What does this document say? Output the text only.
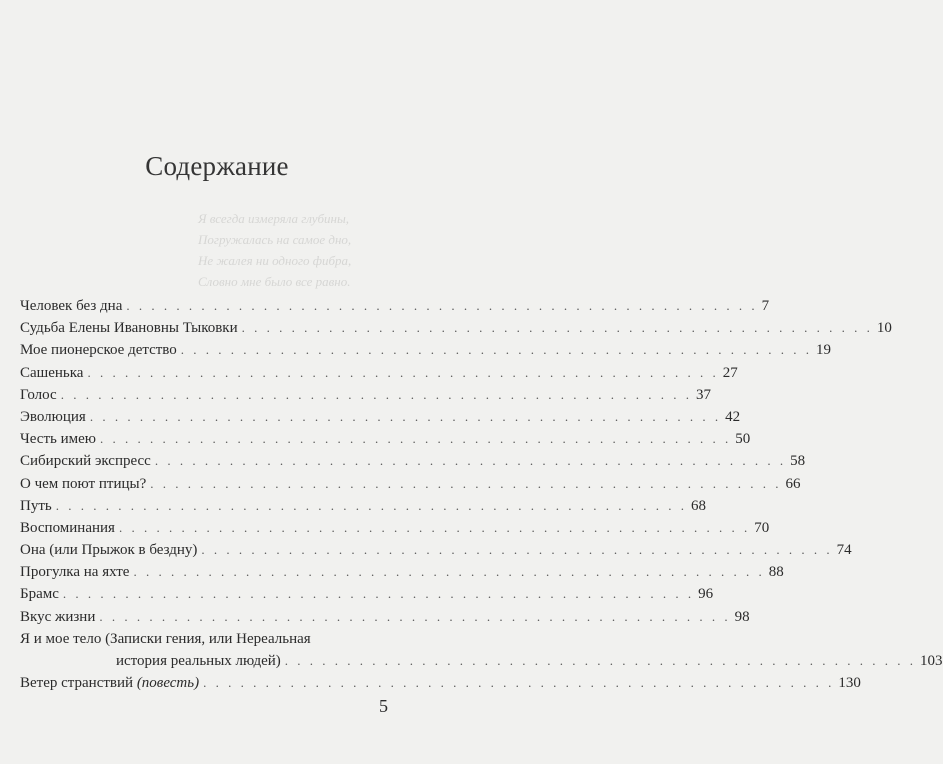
Я всегда измеряла глубины,
Погружалась на самое дно,
Не жалея ни одного фибра,
Словно мне было все равно.
Содержание
Человек без дна . . . . . . . . . . . . . . . . . . . . . . . . . . . . . . . . . . . . . . . . . . . . . . . . . . . 7
Судьба Елены Ивановны Тыковки . . . . . . . . . . . . . . . . . . . . . . . . . . . . . . . . . . . . . . . . . . . . . . . . . . . 10
Мое пионерское детство . . . . . . . . . . . . . . . . . . . . . . . . . . . . . . . . . . . . . . . . . . . . . . . . . . . 19
Сашенька . . . . . . . . . . . . . . . . . . . . . . . . . . . . . . . . . . . . . . . . . . . . . . . . . . . 27
Голос . . . . . . . . . . . . . . . . . . . . . . . . . . . . . . . . . . . . . . . . . . . . . . . . . . . 37
Эволюция . . . . . . . . . . . . . . . . . . . . . . . . . . . . . . . . . . . . . . . . . . . . . . . . . . . 42
Честь имею . . . . . . . . . . . . . . . . . . . . . . . . . . . . . . . . . . . . . . . . . . . . . . . . . . . 50
Сибирский экспресс . . . . . . . . . . . . . . . . . . . . . . . . . . . . . . . . . . . . . . . . . . . . . . . . . . . 58
О чем поют птицы? . . . . . . . . . . . . . . . . . . . . . . . . . . . . . . . . . . . . . . . . . . . . . . . . . . . 66
Путь . . . . . . . . . . . . . . . . . . . . . . . . . . . . . . . . . . . . . . . . . . . . . . . . . . . 68
Воспоминания . . . . . . . . . . . . . . . . . . . . . . . . . . . . . . . . . . . . . . . . . . . . . . . . . . . 70
Она (или Прыжок в бездну) . . . . . . . . . . . . . . . . . . . . . . . . . . . . . . . . . . . . . . . . . . . . . . . . . . . 74
Прогулка на яхте . . . . . . . . . . . . . . . . . . . . . . . . . . . . . . . . . . . . . . . . . . . . . . . . . . . 88
Брамс . . . . . . . . . . . . . . . . . . . . . . . . . . . . . . . . . . . . . . . . . . . . . . . . . . . 96
Вкус жизни . . . . . . . . . . . . . . . . . . . . . . . . . . . . . . . . . . . . . . . . . . . . . . . . . . . 98
Я и мое тело (Записки гения, или Нереальная
история реальных людей) . . . . . . . . . . . . . . . . . . . . . . . . . . . . . . . . . . . . . . . . . . . . . . . . . . . 103
Ветер странствий (повесть) . . . . . . . . . . . . . . . . . . . . . . . . . . . . . . . . . . . . . . . . . . . . . . . . . . . 130
5
